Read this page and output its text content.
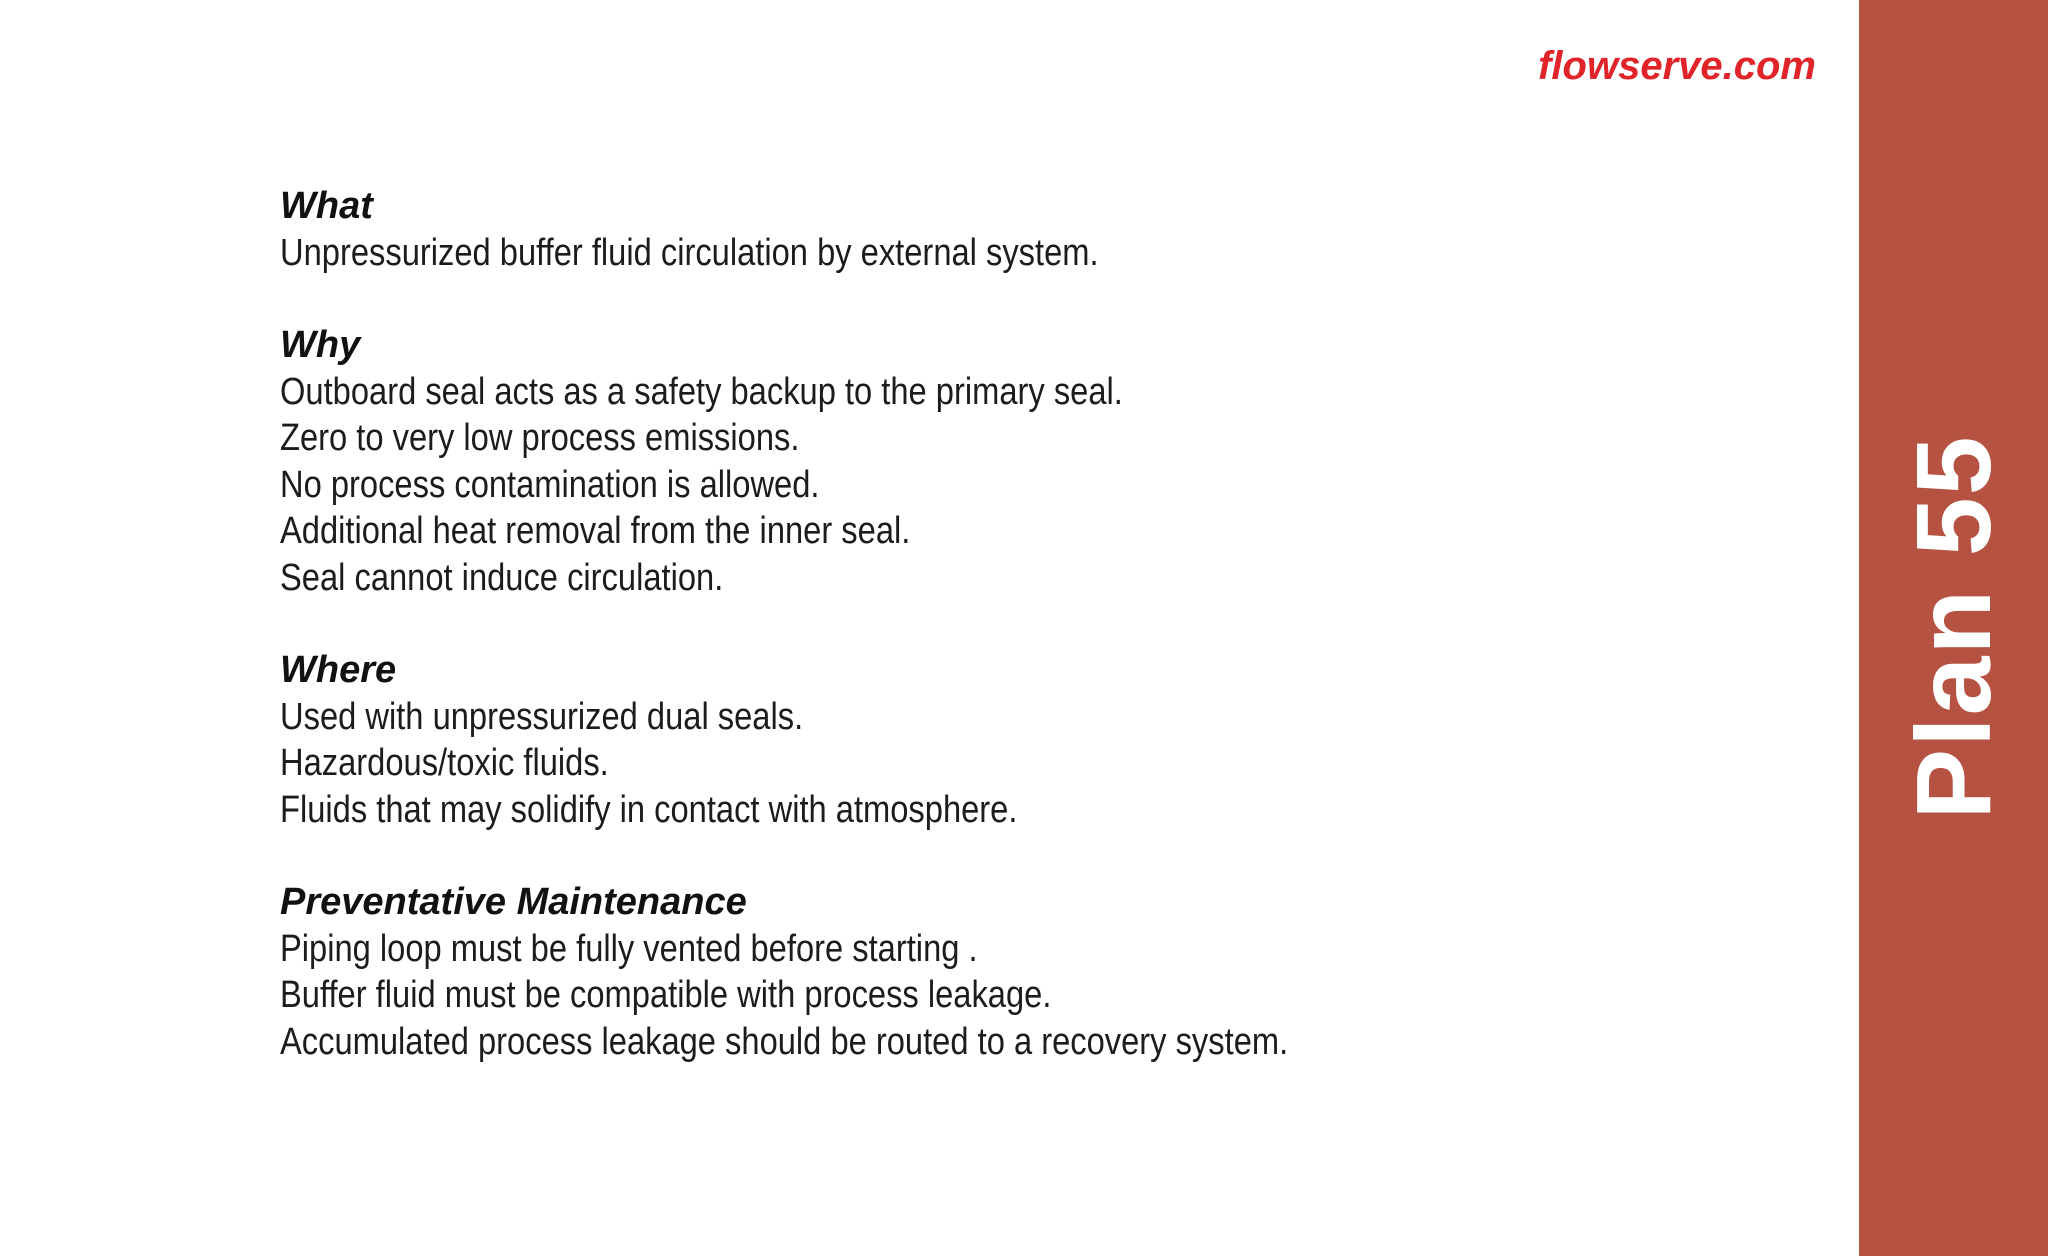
flowserve.com
What
Unpressurized buffer fluid circulation by external system.
Why
Outboard seal acts as a safety backup to the primary seal.
Zero to very low process emissions.
No process contamination is allowed.
Additional heat removal from the inner seal.
Seal cannot induce circulation.
Where
Used with unpressurized dual seals.
Hazardous/toxic fluids.
Fluids that may solidify in contact with atmosphere.
Preventative Maintenance
Piping loop must be fully vented before starting .
Buffer fluid must be compatible with process leakage.
Accumulated process leakage should be routed to a recovery system.
Plan 55
